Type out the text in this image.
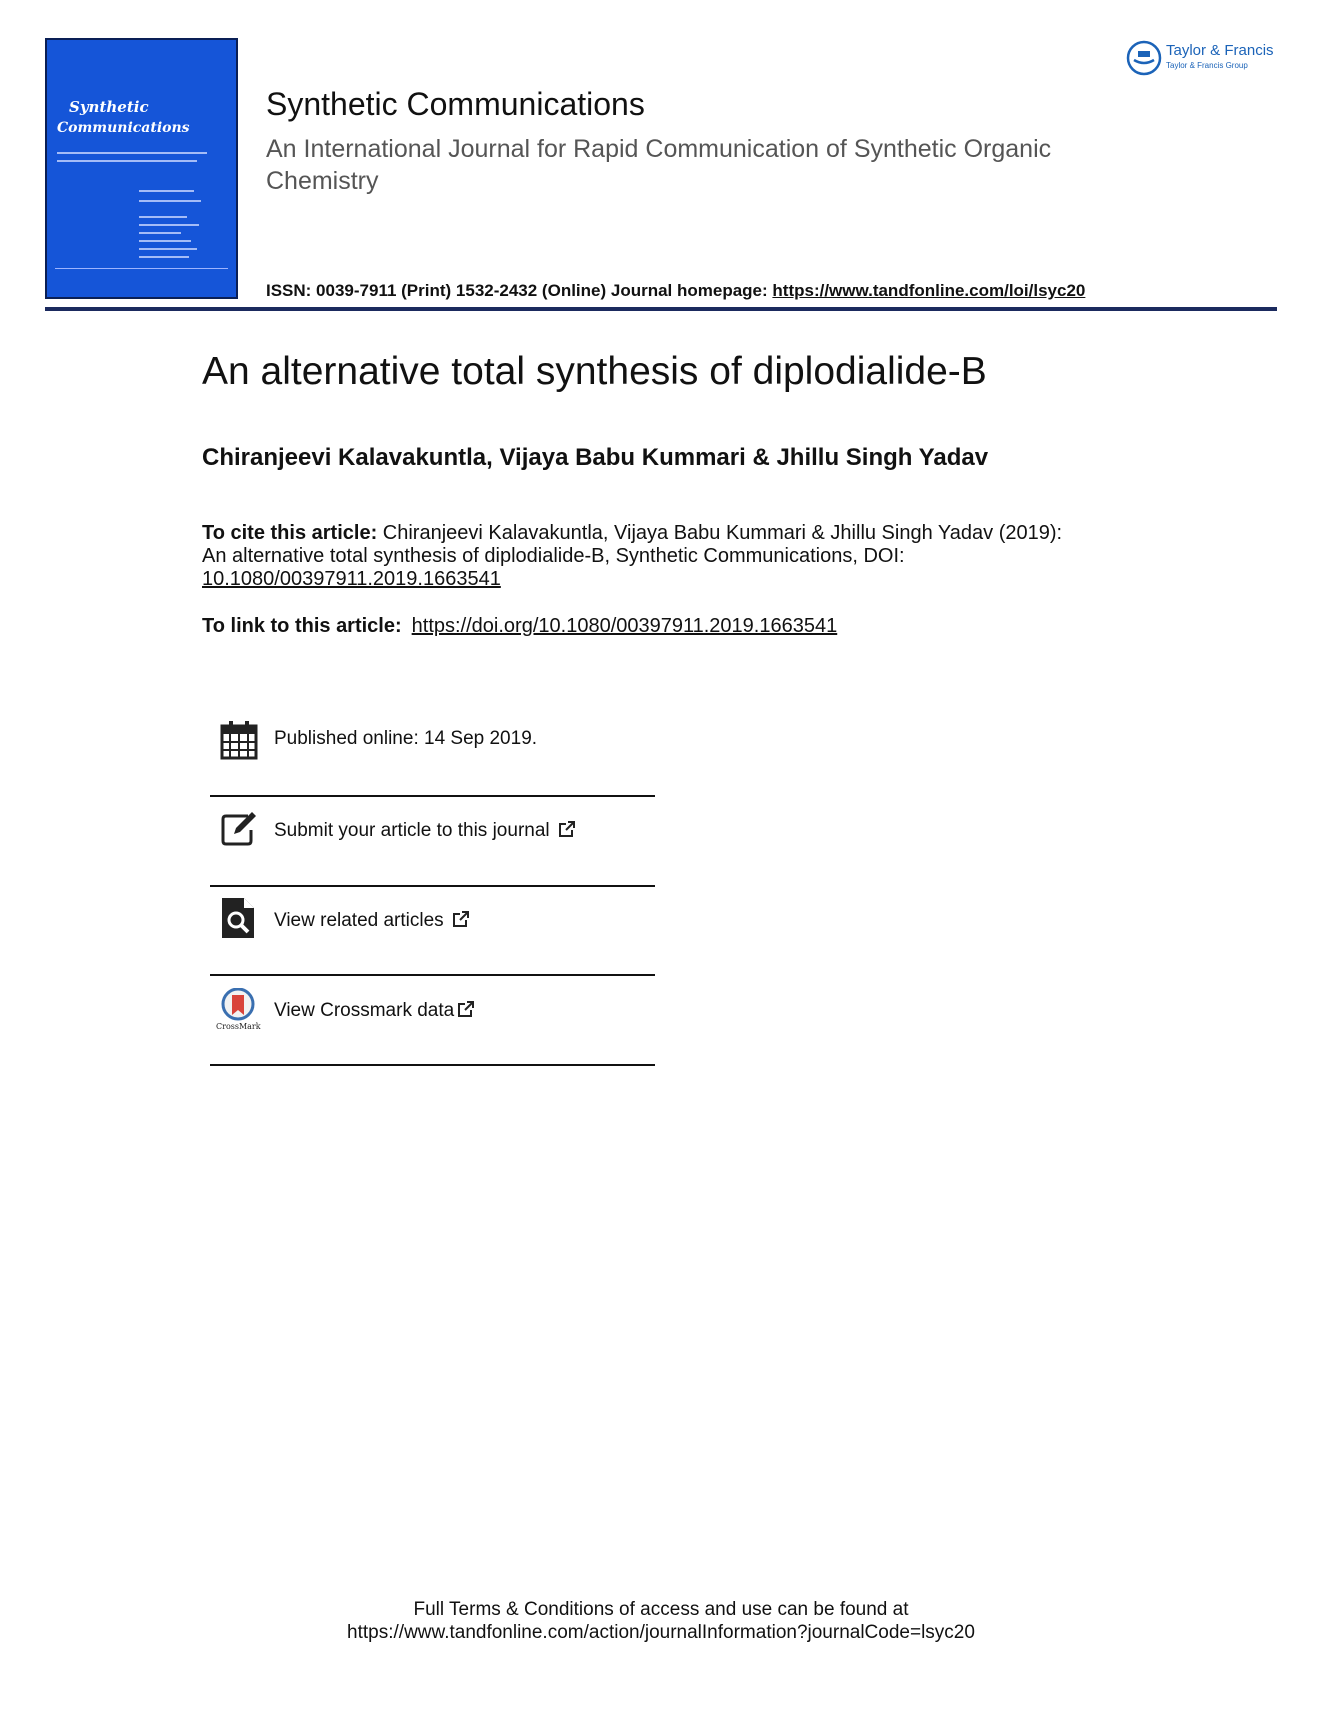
Synthetic
Communications
Taylor & Francis
Taylor & Francis Group
Synthetic Communications
An International Journal for Rapid Communication of Synthetic Organic Chemistry
ISSN: 0039-7911 (Print) 1532-2432 (Online) Journal homepage: https://www.tandfonline.com/loi/lsyc20
An alternative total synthesis of diplodialide-B
Chiranjeevi Kalavakuntla, Vijaya Babu Kummari & Jhillu Singh Yadav
To cite this article: Chiranjeevi Kalavakuntla, Vijaya Babu Kummari & Jhillu Singh Yadav (2019): An alternative total synthesis of diplodialide-B, Synthetic Communications, DOI: 10.1080/00397911.2019.1663541
To link to this article: https://doi.org/10.1080/00397911.2019.1663541
Published online: 14 Sep 2019.
Submit your article to this journal
View related articles
CrossMark
View Crossmark data
Full Terms & Conditions of access and use can be found at
https://www.tandfonline.com/action/journalInformation?journalCode=lsyc20
